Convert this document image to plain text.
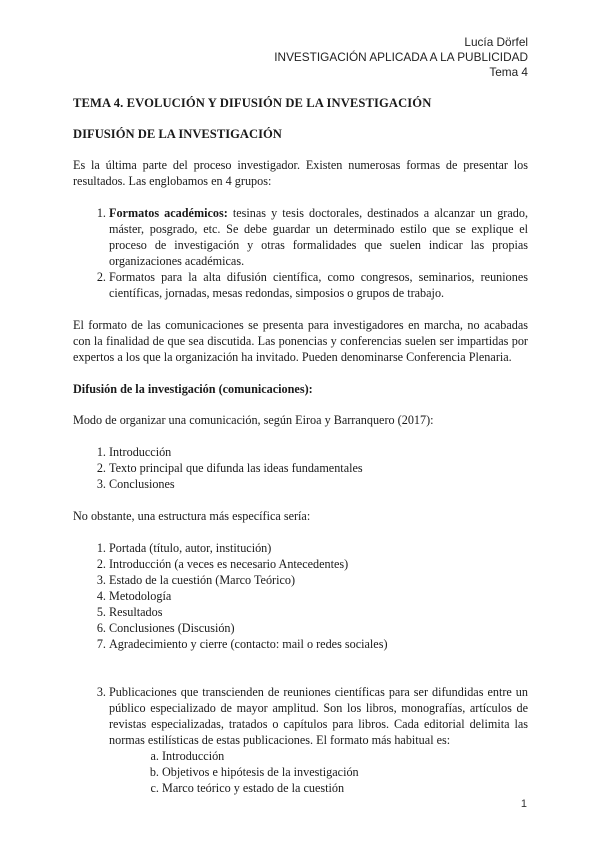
Lucía Dörfel
INVESTIGACIÓN APLICADA A LA PUBLICIDAD
Tema 4
TEMA 4. EVOLUCIÓN Y DIFUSIÓN DE LA INVESTIGACIÓN
DIFUSIÓN DE LA INVESTIGACIÓN

Es la última parte del proceso investigador. Existen numerosas formas de presentar los resultados. Las englobamos en 4 grupos:

1. Formatos académicos: tesinas y tesis doctorales, destinados a alcanzar un grado, máster, posgrado, etc. Se debe guardar un determinado estilo que se explique el proceso de investigación y otras formalidades que suelen indicar las propias organizaciones académicas.
2. Formatos para la alta difusión científica, como congresos, seminarios, reuniones científicas, jornadas, mesas redondas, simposios o grupos de trabajo.

El formato de las comunicaciones se presenta para investigadores en marcha, no acabadas con la finalidad de que sea discutida. Las ponencias y conferencias suelen ser impartidas por expertos a los que la organización ha invitado. Pueden denominarse Conferencia Plenaria.

Difusión de la investigación (comunicaciones):

Modo de organizar una comunicación, según Eiroa y Barranquero (2017):

1. Introducción
2. Texto principal que difunda las ideas fundamentales
3. Conclusiones

No obstante, una estructura más específica sería:

1. Portada (título, autor, institución)
2. Introducción (a veces es necesario Antecedentes)
3. Estado de la cuestión (Marco Teórico)
4. Metodología
5. Resultados
6. Conclusiones (Discusión)
7. Agradecimiento y cierre (contacto: mail o redes sociales)
3. Publicaciones que transcienden de reuniones científicas para ser difundidas entre un público especializado de mayor amplitud. Son los libros, monografías, artículos de revistas especializadas, tratados o capítulos para libros. Cada editorial delimita las normas estilísticas de estas publicaciones. El formato más habitual es:
a. Introducción
b. Objetivos e hipótesis de la investigación
c. Marco teórico y estado de la cuestión
1
